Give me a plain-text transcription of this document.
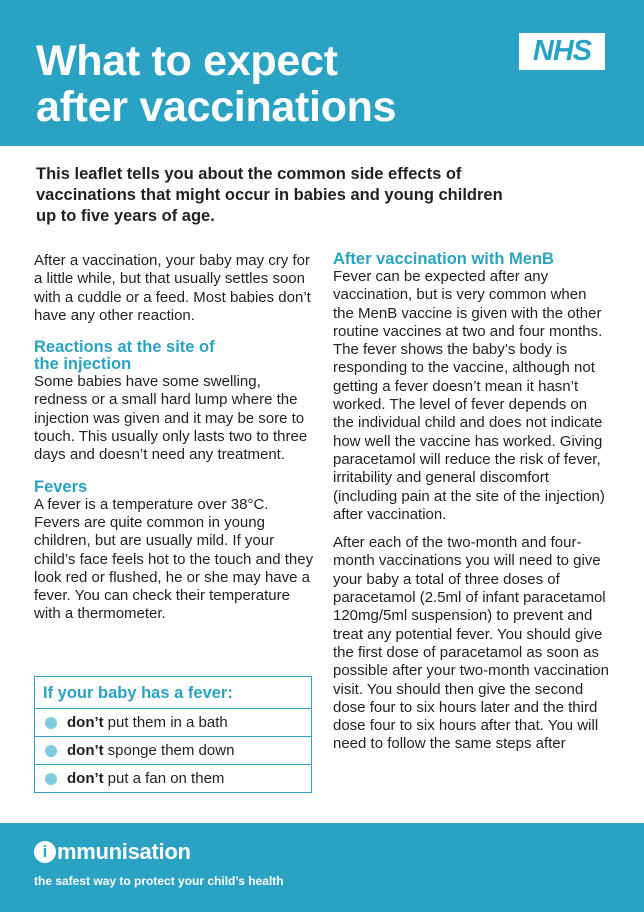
What to expect
after vaccinations
NHS

This leaflet tells you about the common side effects of vaccinations that might occur in babies and young children up to five years of age.

After a vaccination, your baby may cry for a little while, but that usually settles soon with a cuddle or a feed. Most babies don’t have any other reaction.

Reactions at the site of
the injection

Some babies have some swelling, redness or a small hard lump where the injection was given and it may be sore to touch. This usually only lasts two to three days and doesn’t need any treatment.

Fevers

A fever is a temperature over 38°C. Fevers are quite common in young children, but are usually mild. If your child’s face feels hot to the touch and they look red or flushed, he or she may have a fever. You can check their temperature with a thermometer.

If your baby has a fever:

don’t put them in a bath
don’t sponge them down
don’t put a fan on them
After vaccination with MenB

Fever can be expected after any vaccination, but is very common when the MenB vaccine is given with the other routine vaccines at two and four months. The fever shows the baby’s body is responding to the vaccine, although not getting a fever doesn’t mean it hasn’t worked. The level of fever depends on the individual child and does not indicate how well the vaccine has worked. Giving paracetamol will reduce the risk of fever, irritability and general discomfort (including pain at the site of the injection) after vaccination.

After each of the two-month and four-month vaccinations you will need to give your baby a total of three doses of paracetamol (2.5ml of infant paracetamol 120mg/5ml suspension) to prevent and treat any potential fever. You should give the first dose of paracetamol as soon as possible after your two-month vaccination visit. You should then give the second dose four to six hours later and the third dose four to six hours after that. You will need to follow the same steps after

i mmunisation
the safest way to protect your child’s health
